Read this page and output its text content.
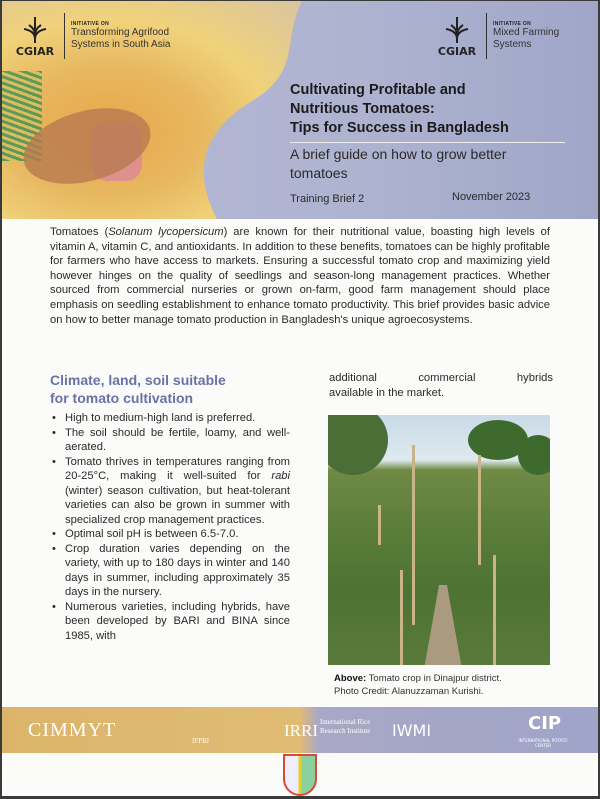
CGIAR
INITIATIVE ON
Transforming Agrifood
Systems in South Asia	CGIAR
INITIATIVE ON
Mixed Farming
Systems
Cultivating Profitable and
Nutritious Tomatoes:
Tips for Success in Bangladesh
A brief guide on how to grow better
tomatoes
Training Brief 2	November 2023

Tomatoes (Solanum lycopersicum) are known for their nutritional value, boasting high levels of vitamin A, vitamin C, and antioxidants. In addition to these benefits, tomatoes can be highly profitable for farmers who have access to markets. Ensuring a successful tomato crop and maximizing yield however hinges on the quality of seedlings and season-long management practices. Whether sourced from commercial nurseries or grown on-farm, good farm management should place emphasis on seedling establishment to enhance tomato productivity. This brief provides basic advice on how to better manage tomato production in Bangladesh's unique agroecosystems.

Climate, land, soil suitable
for tomato cultivation
• High to medium-high land is preferred.
• The soil should be fertile, loamy, and well-aerated.
• Tomato thrives in temperatures ranging from 20-25°C, making it well-suited for rabi (winter) season cultivation, but heat-tolerant varieties can also be grown in summer with specialized crop management practices.
• Optimal soil pH is between 6.5-7.0.
• Crop duration varies depending on the variety, with up to 180 days in winter and 140 days in summer, including approximately 35 days in the nursery.
• Numerous varieties, including hybrids, have been developed by BARI and BINA since 1985, with
additional commercial hybrids
available in the market.
Above: Tomato crop in Dinajpur district.
Photo Credit: Alanuzzaman Kurishi.
CIMMYT	IFPRI
IRRI International Rice Research Institute	IWMI	CIP
INTERNATIONAL POTATO CENTER
